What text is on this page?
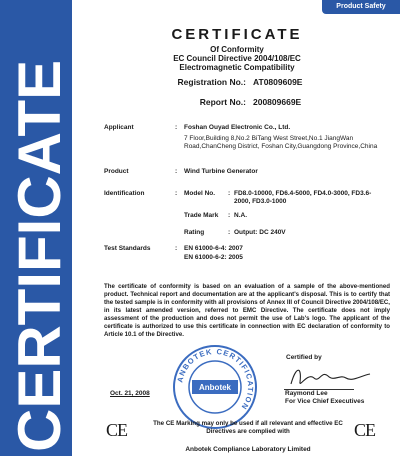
CERTIFICATE
Product Safety
CERTIFICATE
Of Conformity
EC Council Directive 2004/108/EC
Electromagnetic Compatibility
Registration No.: AT0809609E
Report No.: 200809669E
Applicant	: Foshan Ouyad Electronic Co., Ltd.
7 Floor,Building 8,No.2 BiTang West Street,No.1 JiangWan Road,ChanCheng District, Foshan City,Guangdong Province,China
Product	: Wind Turbine Generator
Identification	: Model No. : FD8.0-10000, FD6.4-5000, FD4.0-3000, FD3.6-2000, FD3.0-1000
Trade Mark : N.A.
Rating	: Output: DC 240V
Test Standards	: EN 61000-6-4: 2007
EN 61000-6-2: 2005
The certificate of conformity is based on an evaluation of a sample of the above-mentioned product. Technical report and documentation are at the applicant's disposal. This is to certify that the tested sample is in conformity with all provisions of Annex III of Council Directive 2004/108/EC, in its latest amended version, referred to EMC Directive. The certificate does not imply assessment of the production and does not permit the use of Lab's logo. The applicant of the certificate is authorized to use this certificate in connection with EC declaration of conformity to Article 10.1 of the Directive.
ANBOTEK CERTIFICATION
Anbotek
Oct. 21, 2008
Certified by
Raymond Lee
For Vice Chief Executives
CE	The CE Marking may only be used if all relevant and effective EC Directives are complied with	CE
Anbotek Compliance Laboratory Limited
